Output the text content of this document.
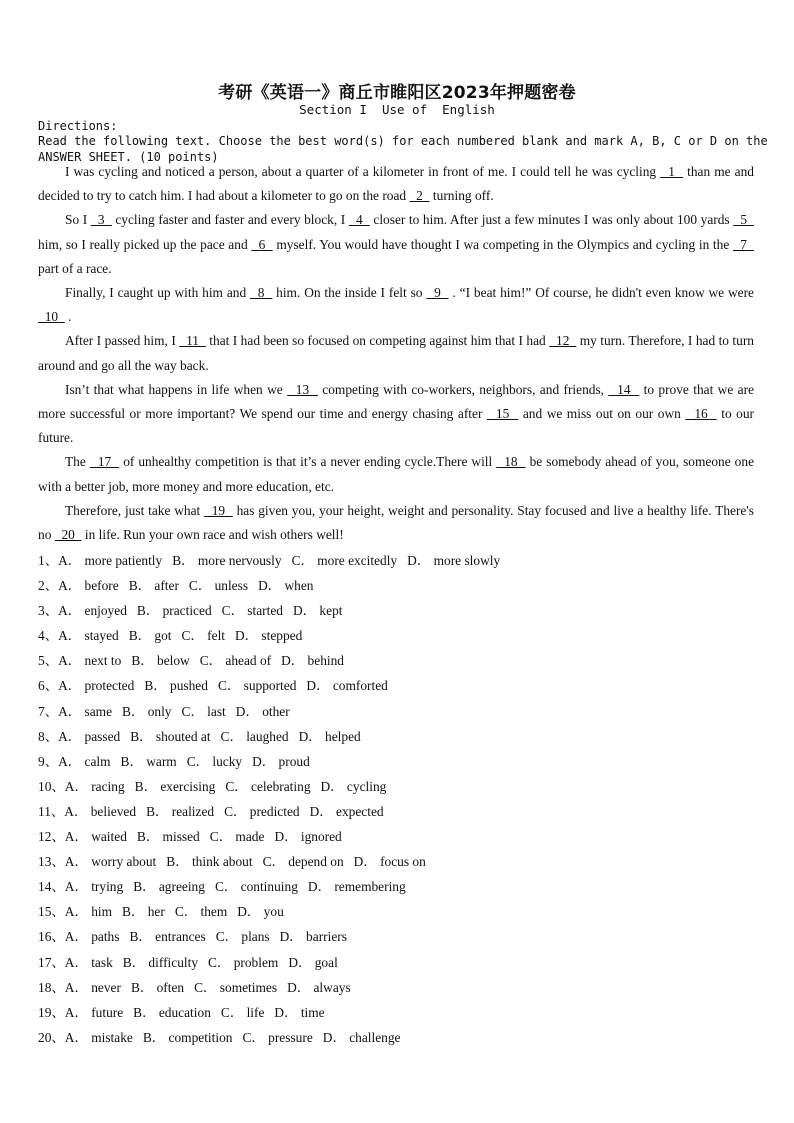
考研《英语一》商丘市睢阳区2023年押题密卷
Section I  Use of  English
Directions:
Read the following text. Choose the best word(s) for each numbered blank and mark A, B, C or D on the
ANSWER SHEET. (10 points)

I was cycling and noticed a person, about a quarter of a kilometer in front of me. I could tell he was cycling   1   than me and decided to try to catch him. I had about a kilometer to go on the road   2   turning off.

So I   3   cycling faster and faster and every block, I   4   closer to him. After just a few minutes I was only about 100 yards   5   him, so I really picked up the pace and   6   myself. You would have thought I wa competing in the Olympics and cycling in the   7   part of a race.

Finally, I caught up with him and   8   him. On the inside I felt so   9   . “I beat him!” Of course, he didn't even know we were   10   .

After I passed him, I   11   that I had been so focused on competing against him that I had   12   my turn. Therefore, I had to turn around and go all the way back.

Isn’t that what happens in life when we   13   competing with co-workers, neighbors, and friends,   14   to prove that we are more successful or more important? We spend our time and energy chasing after   15   and we miss out on our own   16   to our future.

The   17   of unhealthy competition is that it’s a never ending cycle.There will   18   be somebody ahead of you, someone one with a better job, more money and more education, etc.

Therefore, just take what   19   has given you, your height, weight and personality. Stay focused and live a healthy life. There's no   20   in life. Run your own race and wish others well!

1、A． more patiently B． more nervously C． more excitedly D． more slowly
2、A． before B． after C． unless D． when
3、A． enjoyed B． practiced C． started D． kept
4、A． stayed B． got C． felt D． stepped
5、A． next to B． below C． ahead of D． behind
6、A． protected B． pushed C． supported D． comforted
7、A． same B． only C． last D． other
8、A． passed B． shouted at C． laughed D． helped
9、A． calm B． warm C． lucky D． proud
10、A． racing B． exercising C． celebrating D． cycling
11、A． believed B． realized C． predicted D． expected
12、A． waited B． missed C． made D． ignored
13、A． worry about B． think about C． depend on D． focus on
14、A． trying B． agreeing C． continuing D． remembering
15、A． him B． her C． them D． you
16、A． paths B． entrances C． plans D． barriers
17、A． task B． difficulty C． problem D． goal
18、A． never B． often C． sometimes D． always
19、A． future B． education C． life D． time
20、A． mistake B． competition C． pressure D． challenge
